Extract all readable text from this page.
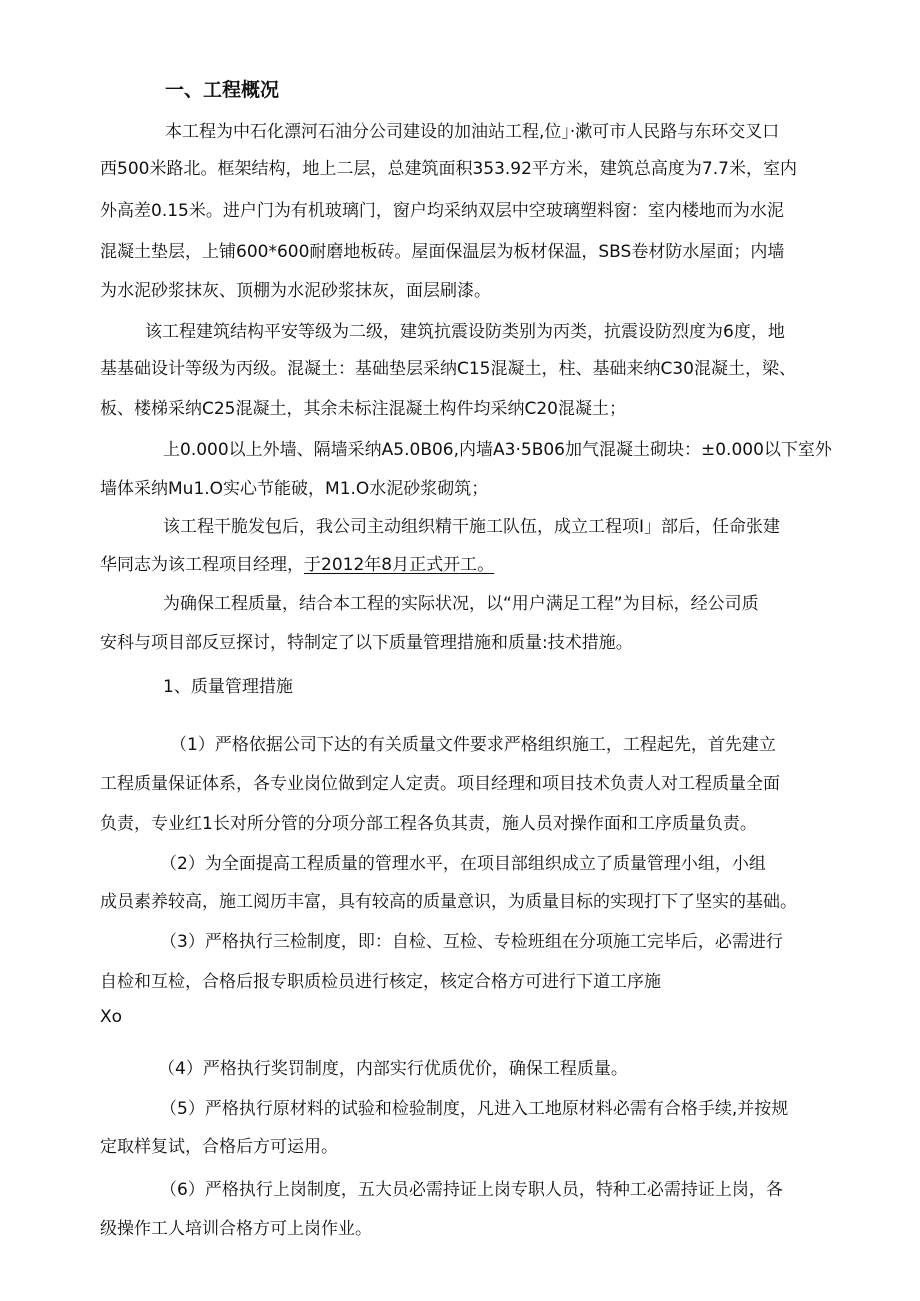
一、工程概况
本工程为中石化漂河石油分公司建设的加油站工程,位」·漱可市人民路与东环交叉口
西500米路北。框架结构，地上二层，总建筑面积353.92平方米，建筑总高度为7.7米，室内
外高差0.15米。进户门为有机玻璃门，窗户均采纳双层中空玻璃塑料窗：室内楼地而为水泥
混凝土垫层，上铺600*600耐磨地板砖。屋面保温层为板材保温，SBS卷材防水屋面；内墙
为水泥砂浆抹灰、顶棚为水泥砂浆抹灰，面层刷漆。
该工程建筑结构平安等级为二级，建筑抗震设防类别为丙类，抗震设防烈度为6度，地
基基础设计等级为丙级。混凝土：基础垫层采纳C15混凝土，柱、基础来纳C30混凝土，梁、
板、楼梯采纳C25混凝土，其余未标注混凝土构件均采纳C20混凝土；
上0.000以上外墙、隔墙采纳A5.0B06,内墙A3·5B06加气混凝土砌块：±0.000以下室外
墙体采纳Mu1.O实心节能破，M1.O水泥砂浆砌筑；
该工程干脆发包后，我公司主动组织精干施工队伍，成立工程项I」部后，任命张建
华同志为该工程项目经理，于2012年8月正式开工。
为确保工程质量，结合本工程的实际状况，以“用户满足工程”为目标，经公司质
安科与项目部反豆探讨，特制定了以下质量管理措施和质量:技术措施。
1、质量管理措施
（1）严格依据公司下达的有关质量文件要求严格组织施工，工程起先，首先建立
工程质量保证体系，各专业岗位做到定人定责。项目经理和项目技术负责人对工程质量全面
负责，专业红1长对所分管的分项分部工程各负其责，施人员对操作面和工序质量负责。
（2）为全面提高工程质量的管理水平，在项目部组织成立了质量管理小组，小组
成员素养较高，施工阅历丰富，具有较高的质量意识，为质量目标的实现打下了坚实的基础。
（3）严格执行三检制度，即：自检、互检、专检班组在分项施工完毕后，必需进行
自检和互检，合格后报专职质检员进行核定，核定合格方可进行下道工序施
Xo
（4）严格执行奖罚制度，内部实行优质优价，确保工程质量。
（5）严格执行原材料的试验和检验制度，凡进入工地原材料必需有合格手续,并按规
定取样复试，合格后方可运用。
（6）严格执行上岗制度，五大员必需持证上岗专职人员，特种工必需持证上岗，各
级操作工人培训合格方可上岗作业。
